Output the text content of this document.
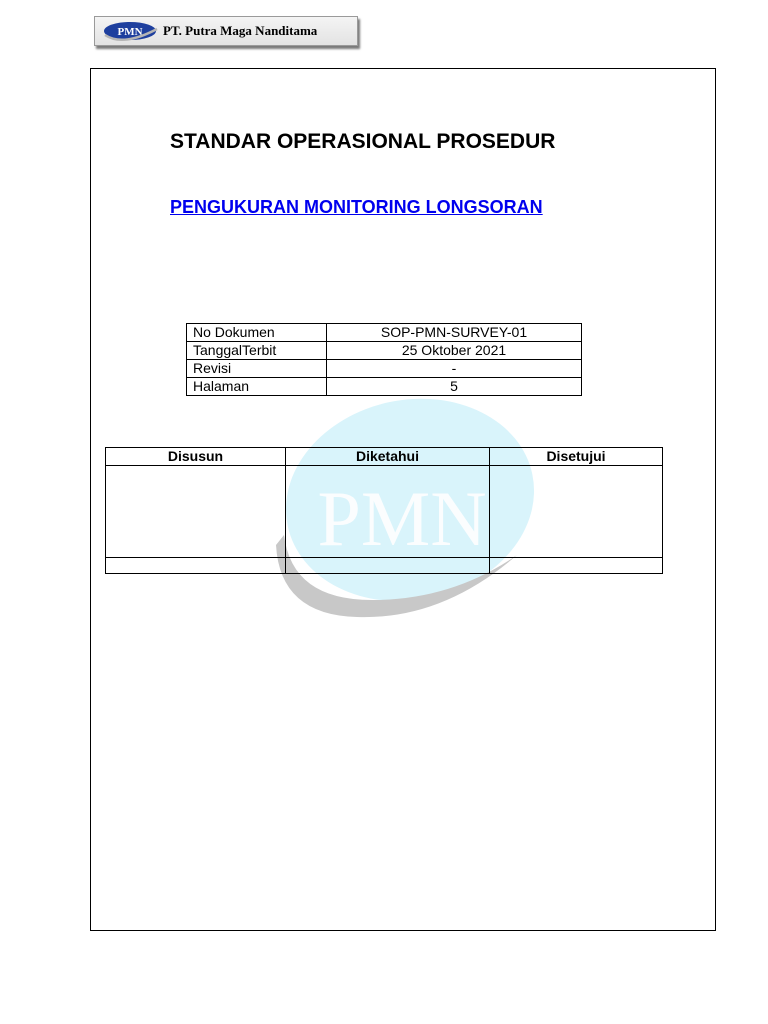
PMN PT. Putra Maga Nanditama
PMN
STANDAR OPERASIONAL PROSEDUR
PENGUKURAN MONITORING LONGSORAN
No Dokumen	SOP-PMN-SURVEY-01
TanggalTerbit	25 Oktober 2021
Revisi	-
Halaman	5
Disusun	Diketahui	Disetujui
